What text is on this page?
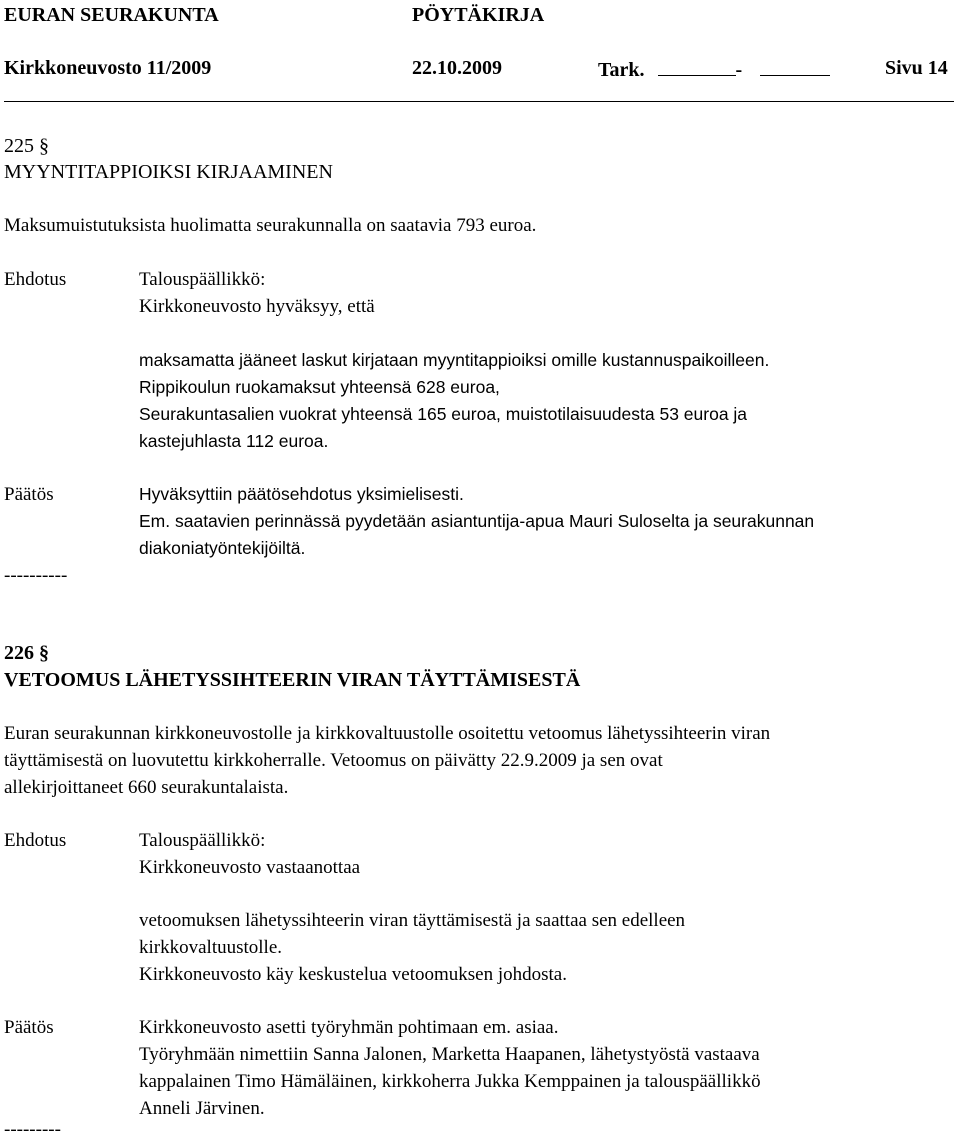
EURAN SEURAKUNTA	PÖYTÄKIRJA
Kirkkoneuvosto 11/2009	22.10.2009	Tark.	-	Sivu 14
225 §
MYYNTITAPPIOIKSI KIRJAAMINEN
Maksumuistutuksista huolimatta seurakunnalla on saatavia 793 euroa.
Ehdotus	Talouspäällikkö:
Kirkkoneuvosto hyväksyy, että
maksamatta jääneet laskut kirjataan myyntitappioiksi omille kustannuspaikoilleen.
Rippikoulun ruokamaksut yhteensä 628 euroa,
Seurakuntasalien vuokrat yhteensä 165 euroa, muistotilaisuudesta 53 euroa ja
kastejuhlasta 112 euroa.
Päätös	Hyväksyttiin päätösehdotus yksimielisesti.
Em. saatavien perinnässä pyydetään asiantuntija-apua Mauri Suloselta ja seurakunnan
diakoniatyöntekijöiltä.
----------
226 §
VETOOMUS LÄHETYSSIHTEERIN VIRAN TÄYTTÄMISESTÄ
Euran seurakunnan kirkkoneuvostolle ja kirkkovaltuustolle osoitettu vetoomus lähetyssihteerin viran
täyttämisestä on luovutettu kirkkoherralle. Vetoomus on päivätty 22.9.2009 ja sen ovat
allekirjoittaneet 660 seurakuntalaista.
Ehdotus	Talouspäällikkö:
Kirkkoneuvosto vastaanottaa
vetoomuksen lähetyssihteerin viran täyttämisestä ja saattaa sen edelleen
kirkkovaltuustolle.
Kirkkoneuvosto käy keskustelua vetoomuksen johdosta.
Päätös	Kirkkoneuvosto asetti työryhmän pohtimaan em. asiaa.
Työryhmään nimettiin Sanna Jalonen, Marketta Haapanen, lähetystyöstä vastaava
kappalainen Timo Hämäläinen, kirkkoherra Jukka Kemppainen ja talouspäällikkö
Anneli Järvinen.
---------
